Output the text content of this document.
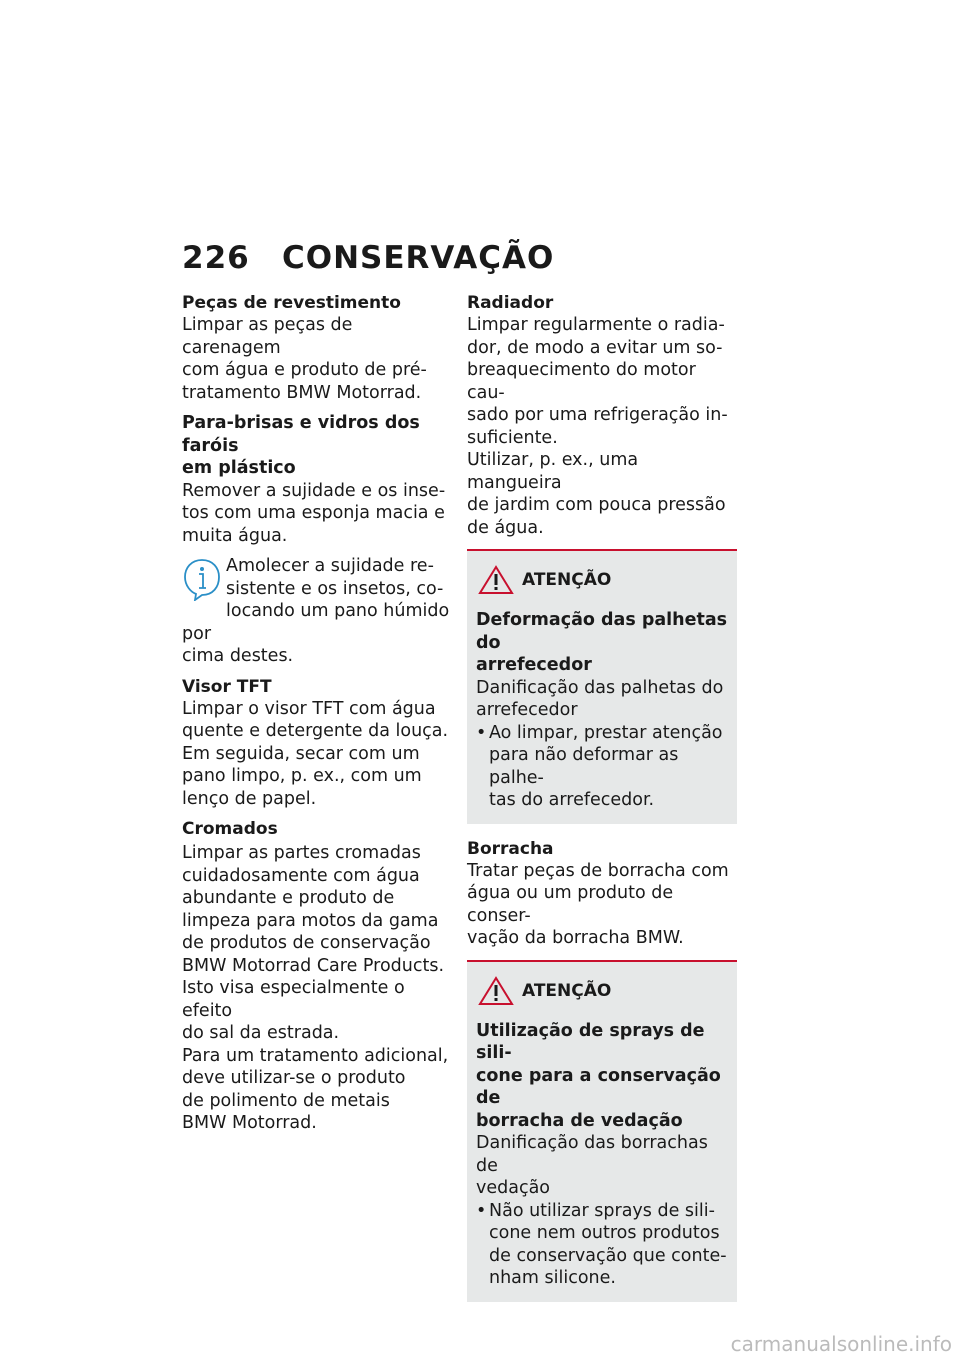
226 CONSERVAÇÃO
Peças de revestimento
Limpar as peças de carenagem
com água e produto de pré-
tratamento BMW Motorrad.
Para-brisas e vidros dos faróis
em plástico
Remover a sujidade e os inse-
tos com uma esponja macia e
muita água.
Amolecer a sujidade re-
sistente e os insetos, co-
locando um pano húmido por
cima destes.
Visor TFT
Limpar o visor TFT com água
quente e detergente da louça.
Em seguida, secar com um
pano limpo, p. ex., com um
lenço de papel.
Cromados
Limpar as partes cromadas
cuidadosamente com água
abundante e produto de
limpeza para motos da gama
de produtos de conservação
BMW Motorrad Care Products.
Isto visa especialmente o efeito
do sal da estrada.
Para um tratamento adicional,
deve utilizar-se o produto
de polimento de metais
BMW Motorrad.
Radiador
Limpar regularmente o radia-
dor, de modo a evitar um so-
breaquecimento do motor cau-
sado por uma refrigeração in-
suficiente.
Utilizar, p. ex., uma mangueira
de jardim com pouca pressão
de água.
ATENÇÃO
Deformação das palhetas do
arrefecedor
Danificação das palhetas do
arrefecedor
• Ao limpar, prestar atenção
para não deformar as palhe-
tas do arrefecedor.
Borracha
Tratar peças de borracha com
água ou um produto de conser-
vação da borracha BMW.
ATENÇÃO
Utilização de sprays de sili-
cone para a conservação de
borracha de vedação
Danificação das borrachas de
vedação
• Não utilizar sprays de sili-
cone nem outros produtos
de conservação que conte-
nham silicone.
carmanualsonline.info
